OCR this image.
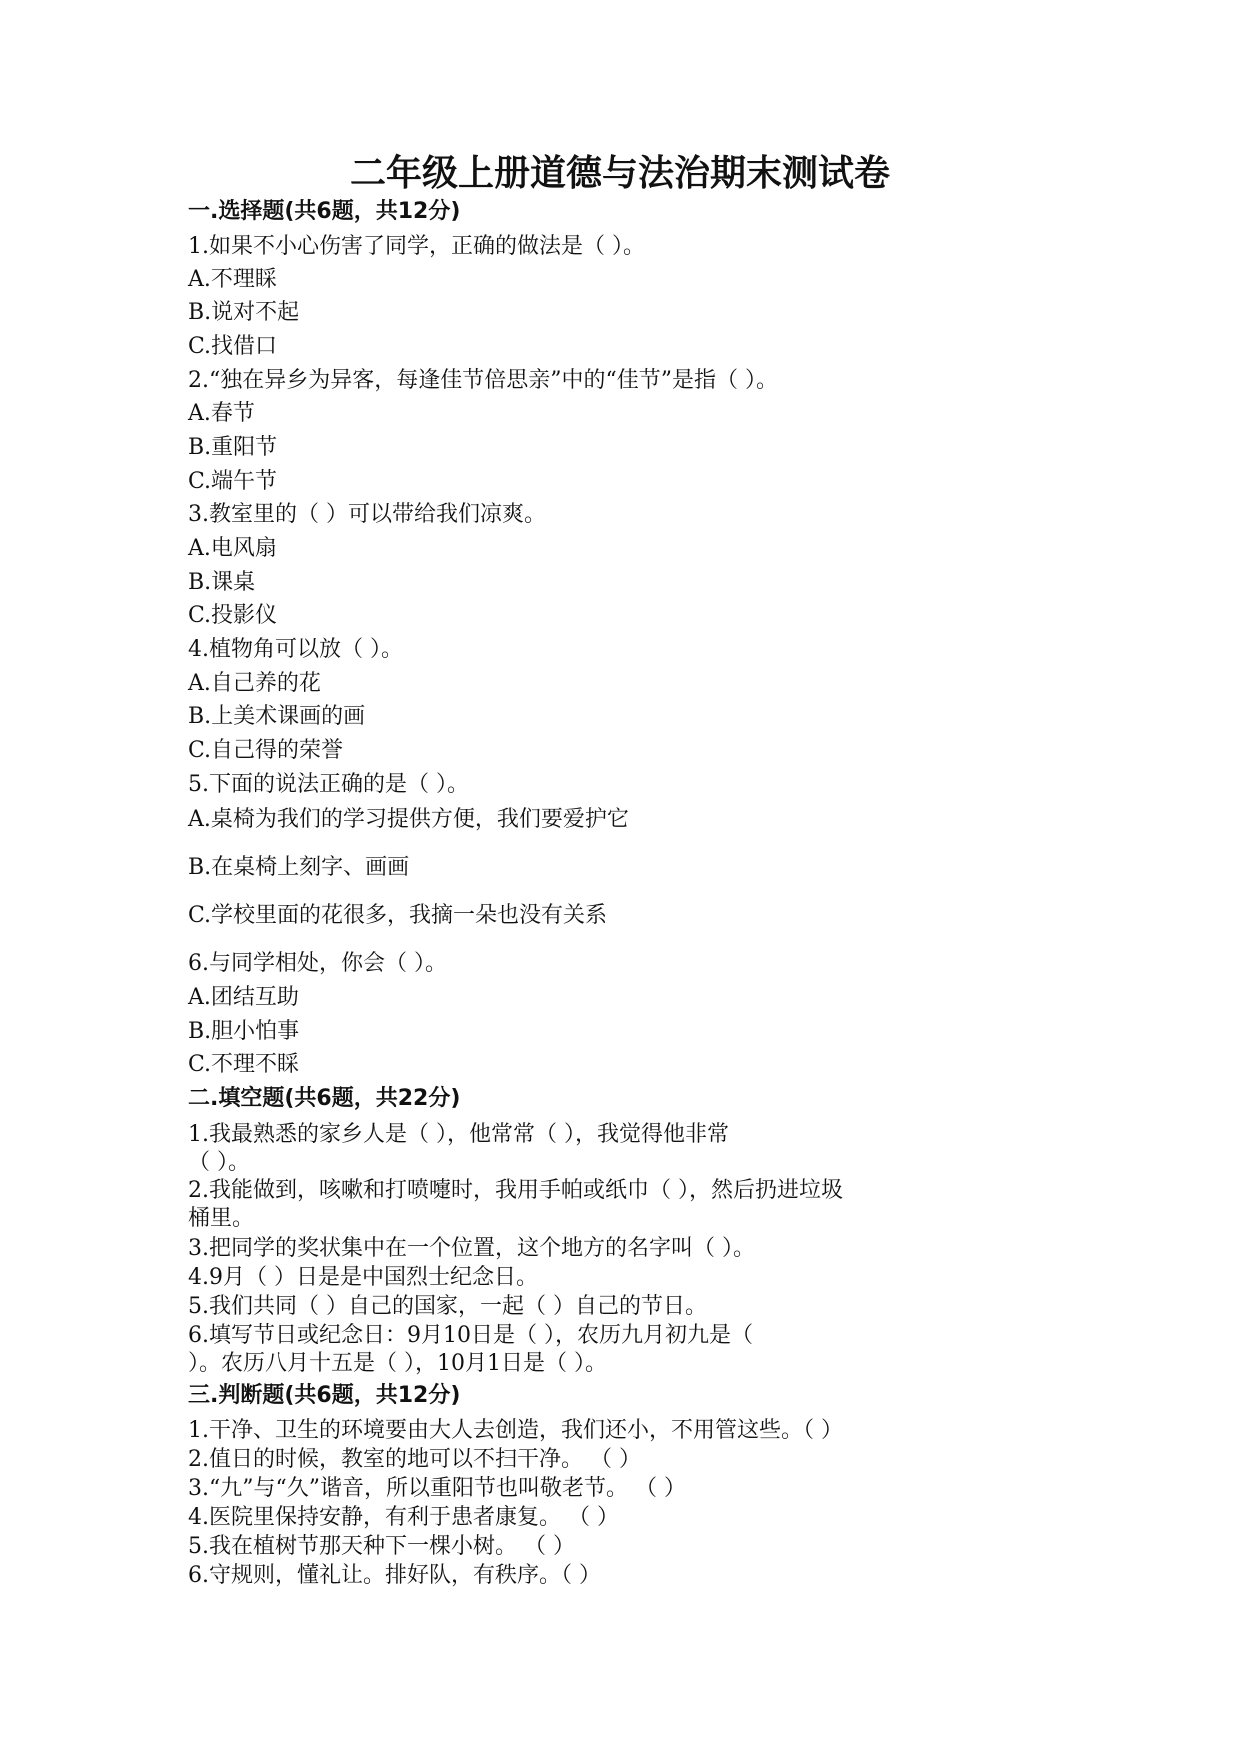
二年级上册道德与法治期末测试卷
一.选择题(共6题，共12分)
1.如果不小心伤害了同学，正确的做法是（ ）。
A.不理睬
B.说对不起
C.找借口
2.“独在异乡为异客，每逢佳节倍思亲”中的“佳节”是指（ ）。
A.春节
B.重阳节
C.端午节
3.教室里的（ ）可以带给我们凉爽。
A.电风扇
B.课桌
C.投影仪
4.植物角可以放（ ）。
A.自己养的花
B.上美术课画的画
C.自己得的荣誉
5.下面的说法正确的是（ ）。
A.桌椅为我们的学习提供方便，我们要爱护它
B.在桌椅上刻字、画画
C.学校里面的花很多，我摘一朵也没有关系
6.与同学相处，你会（ ）。
A.团结互助
B.胆小怕事
C.不理不睬
二.填空题(共6题，共22分)
1.我最熟悉的家乡人是（ ），他常常（ ），我觉得他非常
（ ）。
2.我能做到，咳嗽和打喷嚏时，我用手帕或纸巾（ ），然后扔进垃圾
桶里。
3.把同学的奖状集中在一个位置，这个地方的名字叫（ ）。
4.9月（ ）日是是中国烈士纪念日。
5.我们共同（ ）自己的国家，一起（ ）自己的节日。
6.填写节日或纪念日：9月10日是（ ），农历九月初九是（
）。农历八月十五是（ ），10月1日是（ ）。
三.判断题(共6题，共12分)
1.干净、卫生的环境要由大人去创造，我们还小，不用管这些。（ ）
2.值日的时候，教室的地可以不扫干净。 （ ）
3.“九”与“久”谐音，所以重阳节也叫敬老节。 （ ）
4.医院里保持安静，有利于患者康复。 （ ）
5.我在植树节那天种下一棵小树。 （ ）
6.守规则，懂礼让。排好队，有秩序。（ ）
